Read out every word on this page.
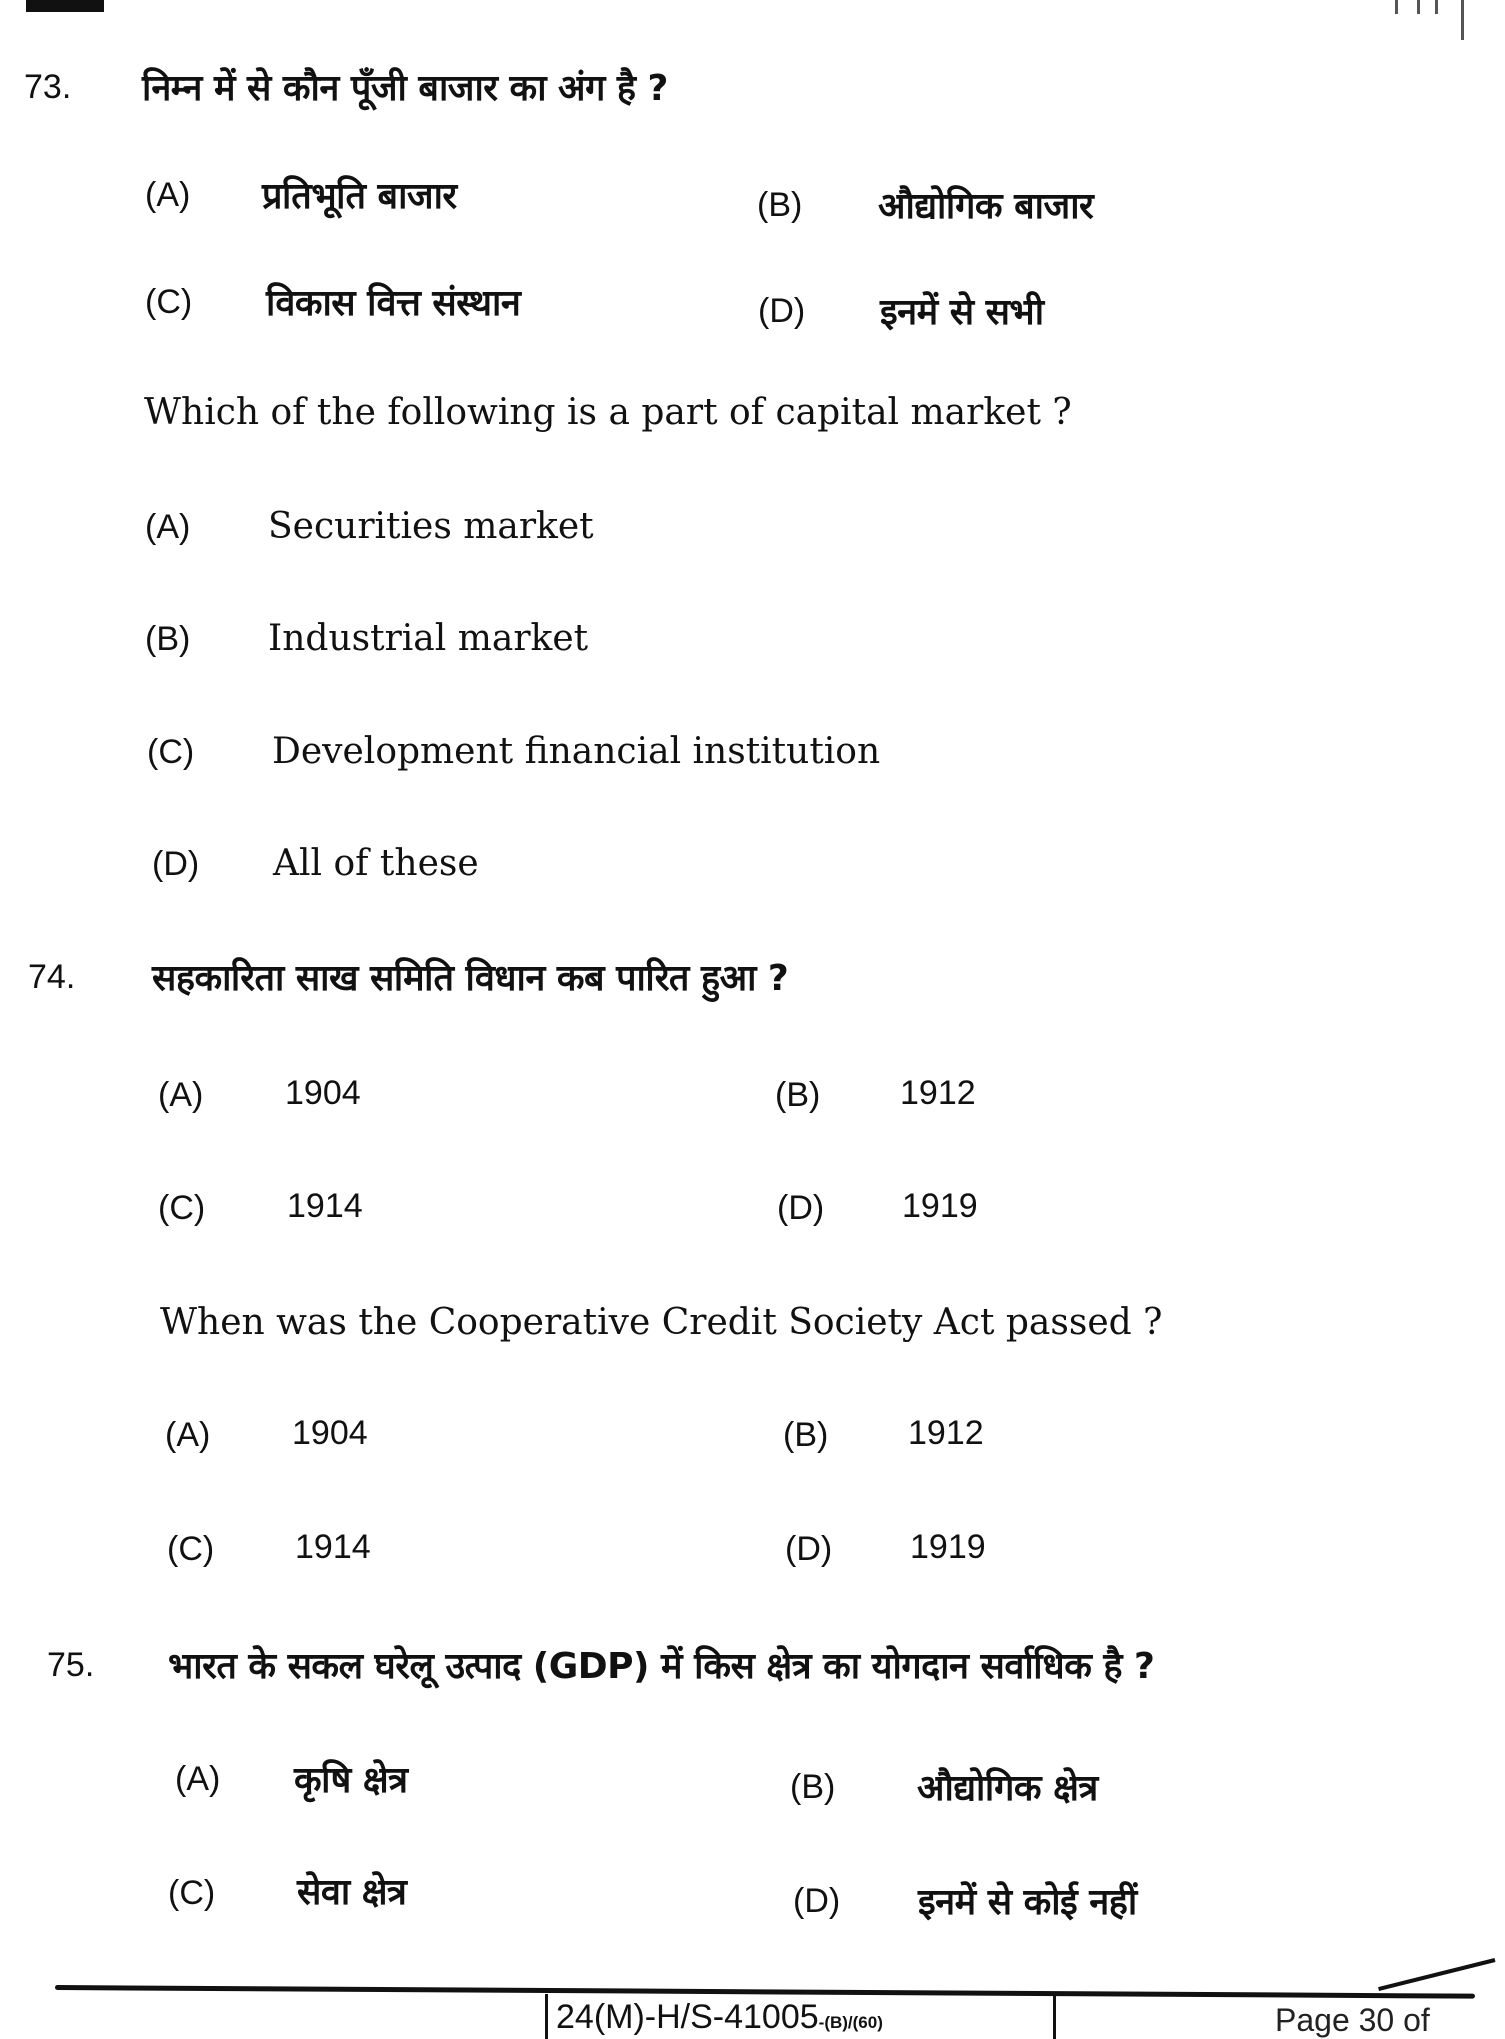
73. निम्न में से कौन पूँजी बाजार का अंग है ?
(A) प्रतिभूति बाजार	(B) औद्योगिक बाजार
(C) विकास वित्त संस्थान	(D) इनमें से सभी
Which of the following is a part of capital market ?
(A) Securities market
(B) Industrial market
(C) Development financial institution
(D) All of these
74. सहकारिता साख समिति विधान कब पारित हुआ ?
(A) 1904	(B) 1912
(C) 1914	(D) 1919
When was the Cooperative Credit Society Act passed ?
(A) 1904	(B) 1912
(C) 1914	(D) 1919
75. भारत के सकल घरेलू उत्पाद (GDP) में किस क्षेत्र का योगदान सर्वाधिक है ?
(A) कृषि क्षेत्र	(B) औद्योगिक क्षेत्र
(C) सेवा क्षेत्र	(D) इनमें से कोई नहीं
24(M)-H/S-41005-(B)/(60)	Page 30 of
